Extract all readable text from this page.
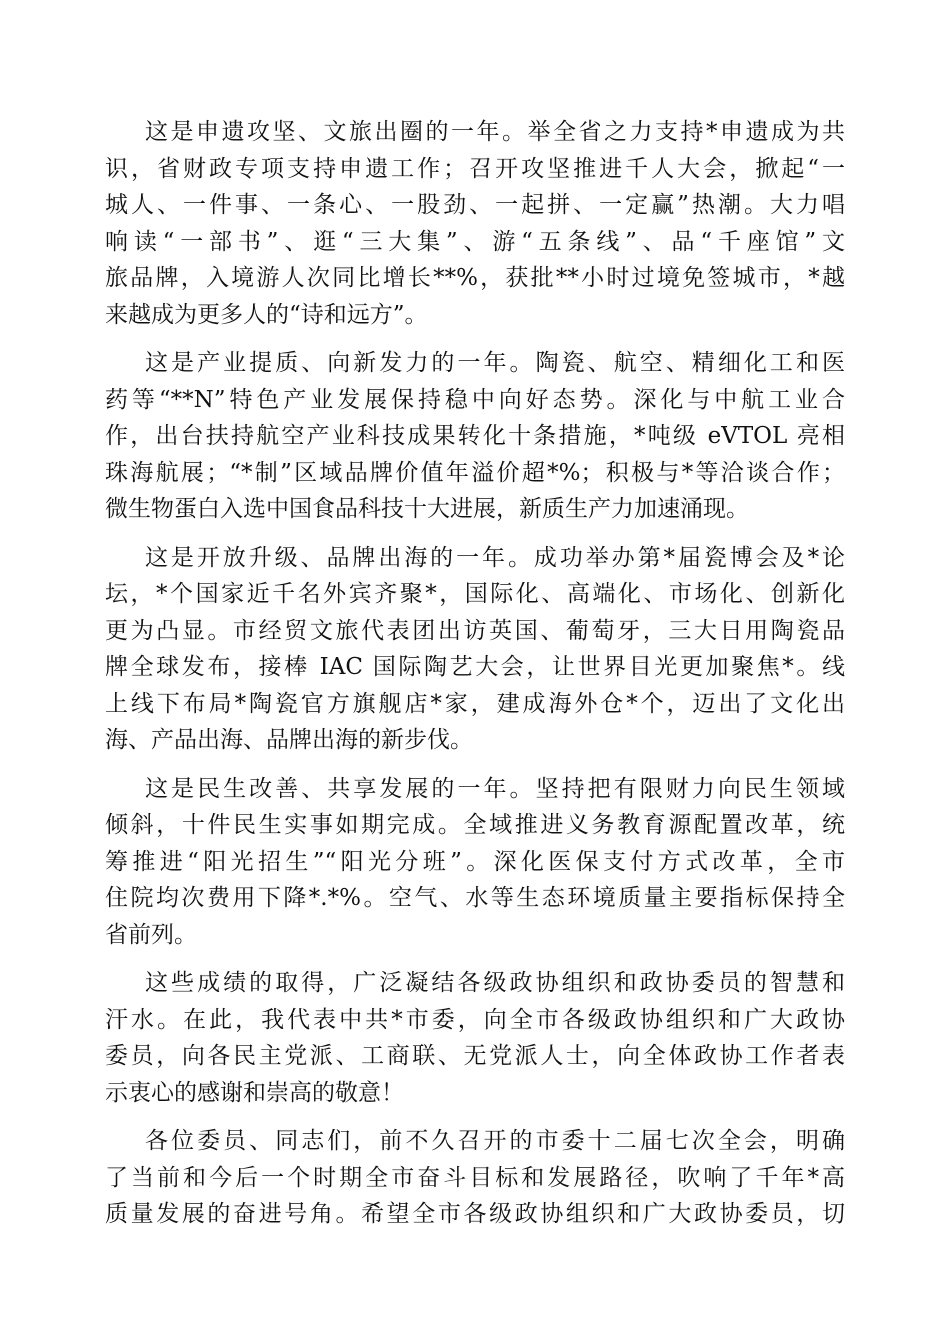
这是申遗攻坚、文旅出圈的一年。举全省之力支持*申遗成为共
识，省财政专项支持申遗工作；召开攻坚推进千人大会，掀起“一
城人、一件事、一条心、一股劲、一起拼、一定赢”热潮。大力唱
响读“一部书”、逛“三大集”、游“五条线”、品“千座馆”文
旅品牌，入境游人次同比增长**%，获批**小时过境免签城市，*越
来越成为更多人的“诗和远方”。

这是产业提质、向新发力的一年。陶瓷、航空、精细化工和医
药等“**N”特色产业发展保持稳中向好态势。深化与中航工业合
作，出台扶持航空产业科技成果转化十条措施，*吨级 eVTOL 亮相
珠海航展；“*制”区域品牌价值年溢价超*%；积极与*等洽谈合作；
微生物蛋白入选中国食品科技十大进展，新质生产力加速涌现。

这是开放升级、品牌出海的一年。成功举办第*届瓷博会及*论
坛，*个国家近千名外宾齐聚*，国际化、高端化、市场化、创新化
更为凸显。市经贸文旅代表团出访英国、葡萄牙，三大日用陶瓷品
牌全球发布，接棒 IAC 国际陶艺大会，让世界目光更加聚焦*。线
上线下布局*陶瓷官方旗舰店*家，建成海外仓*个，迈出了文化出
海、产品出海、品牌出海的新步伐。

这是民生改善、共享发展的一年。坚持把有限财力向民生领域
倾斜，十件民生实事如期完成。全域推进义务教育源配置改革，统
筹推进“阳光招生”“阳光分班”。深化医保支付方式改革，全市
住院均次费用下降*.*%。空气、水等生态环境质量主要指标保持全
省前列。

这些成绩的取得，广泛凝结各级政协组织和政协委员的智慧和
汗水。在此，我代表中共*市委，向全市各级政协组织和广大政协
委员，向各民主党派、工商联、无党派人士，向全体政协工作者表
示衷心的感谢和崇高的敬意！

各位委员、同志们，前不久召开的市委十二届七次全会，明确
了当前和今后一个时期全市奋斗目标和发展路径，吹响了千年*高
质量发展的奋进号角。希望全市各级政协组织和广大政协委员，切
